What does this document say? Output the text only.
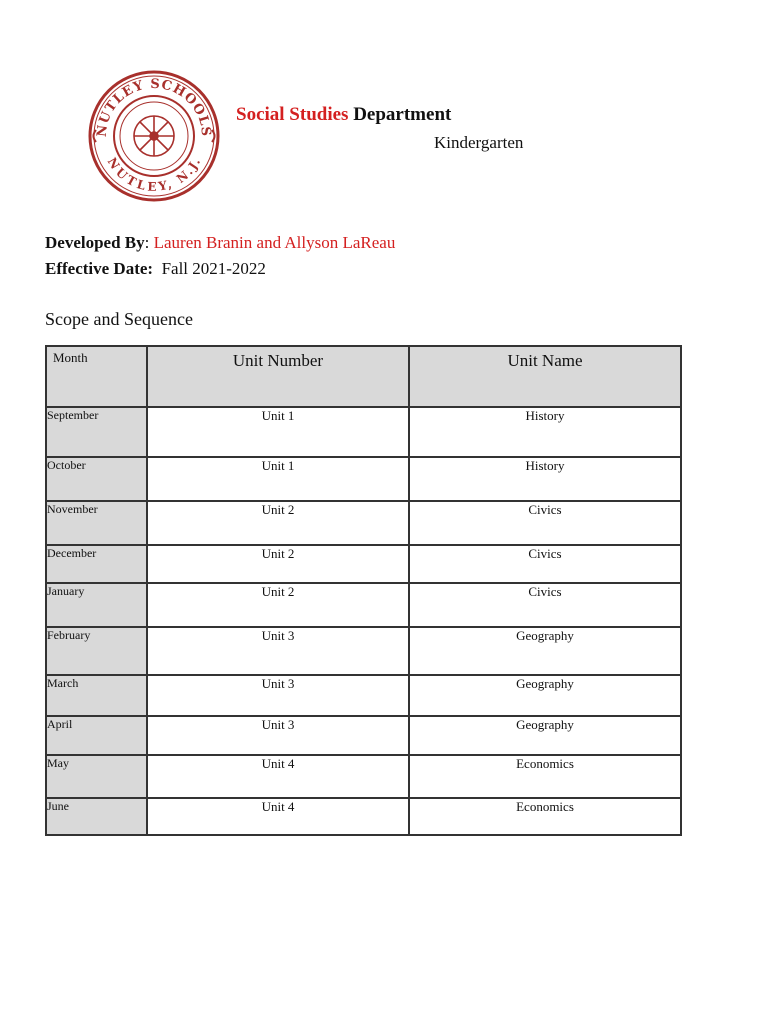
NUTLEY SCHOOLS
NUTLEY, N.J.
Social Studies Department
Kindergarten
Developed By: Lauren Branin and Allyson LaReau
Effective Date: Fall 2021-2022
Scope and Sequence
Month	Unit Number	Unit Name
September	Unit 1	History
October	Unit 1	History
November	Unit 2	Civics
December	Unit 2	Civics
January	Unit 2	Civics
February	Unit 3	Geography
March	Unit 3	Geography
April	Unit 3	Geography
May	Unit 4	Economics
June	Unit 4	Economics
